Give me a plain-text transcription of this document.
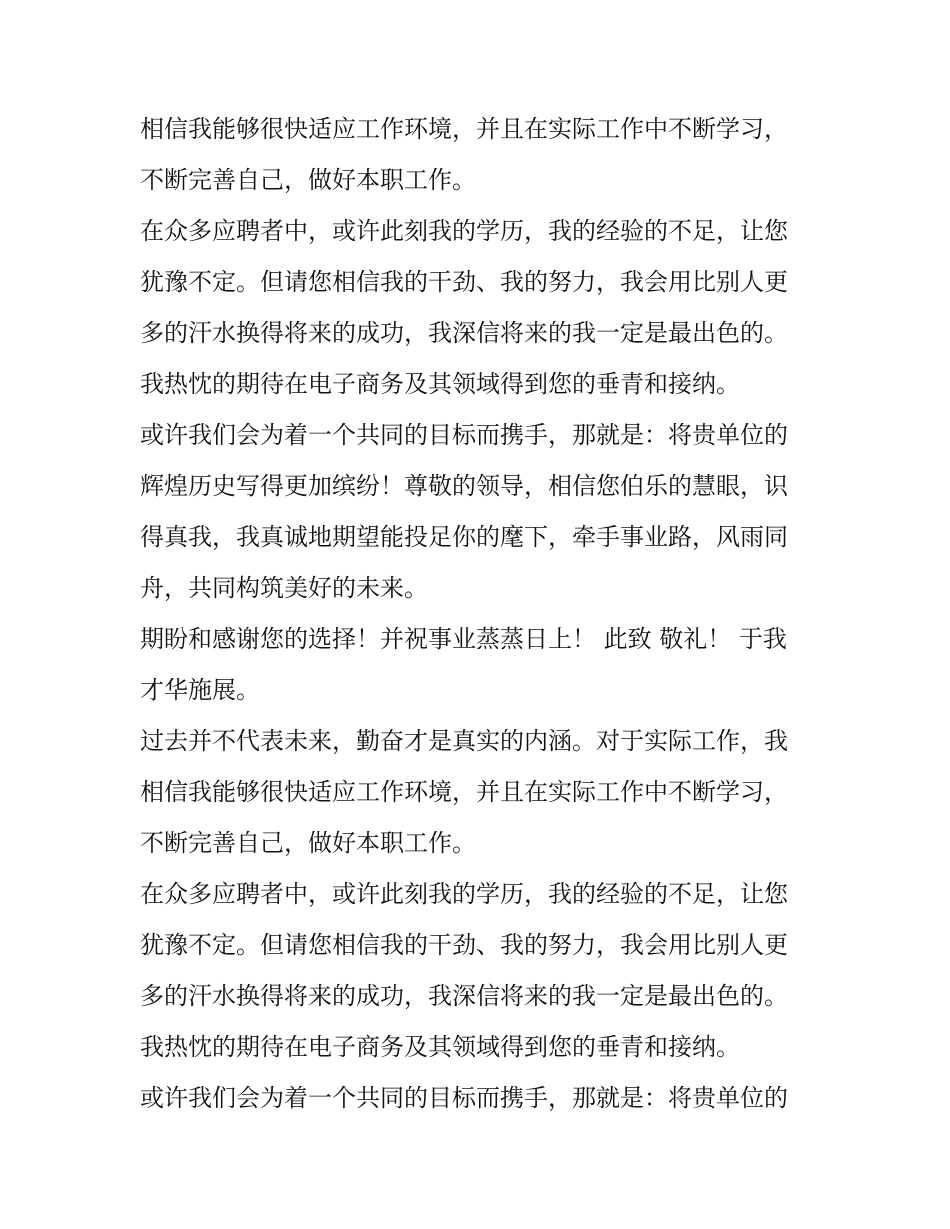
相信我能够很快适应工作环境，并且在实际工作中不断学习，
不断完善自己，做好本职工作。
在众多应聘者中，或许此刻我的学历，我的经验的不足，让您
犹豫不定。但请您相信我的干劲、我的努力，我会用比别人更
多的汗水换得将来的成功，我深信将来的我一定是最出色的。
我热忱的期待在电子商务及其领域得到您的垂青和接纳。
或许我们会为着一个共同的目标而携手，那就是：将贵单位的
辉煌历史写得更加缤纷！尊敬的领导，相信您伯乐的慧眼，识
得真我，我真诚地期望能投足你的麾下，牵手事业路，风雨同
舟，共同构筑美好的未来。
期盼和感谢您的选择！并祝事业蒸蒸日上！ 此致 敬礼！ 于我
才华施展。
过去并不代表未来，勤奋才是真实的内涵。对于实际工作，我
相信我能够很快适应工作环境，并且在实际工作中不断学习，
不断完善自己，做好本职工作。
在众多应聘者中，或许此刻我的学历，我的经验的不足，让您
犹豫不定。但请您相信我的干劲、我的努力，我会用比别人更
多的汗水换得将来的成功，我深信将来的我一定是最出色的。
我热忱的期待在电子商务及其领域得到您的垂青和接纳。
或许我们会为着一个共同的目标而携手，那就是：将贵单位的
